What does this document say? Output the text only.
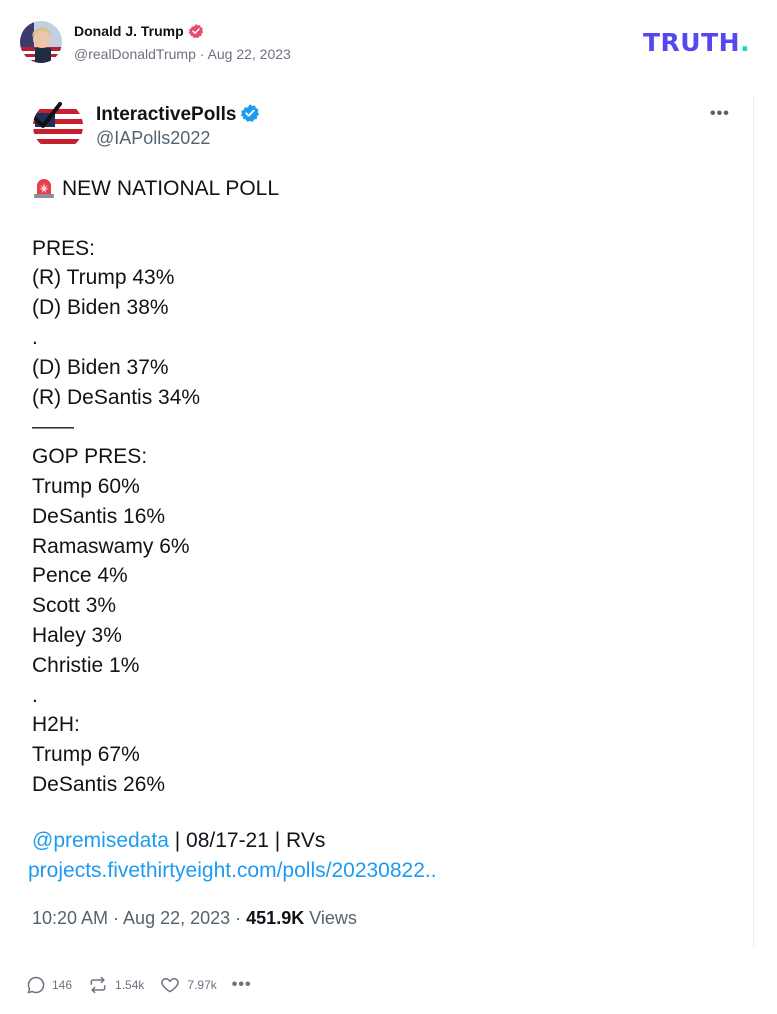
Donald J. Trump
@realDonaldTrump · Aug 22, 2023	TRUTH.
InteractivePolls
@IAPolls2022
•••
NEW NATIONAL POLL
PRES:
(R) Trump 43%
(D) Biden 38%
.
(D) Biden 37%
(R) DeSantis 34%
——
GOP PRES:
Trump 60%
DeSantis 16%
Ramaswamy 6%
Pence 4%
Scott 3%
Haley 3%
Christie 1%
.
H2H:
Trump 67%
DeSantis 26%
@premisedata | 08/17-21 | RVs
projects.fivethirtyeight.com/polls/20230822..
10:20 AM · Aug 22, 2023 · 451.9K Views
146	1.54k	7.97k •••
